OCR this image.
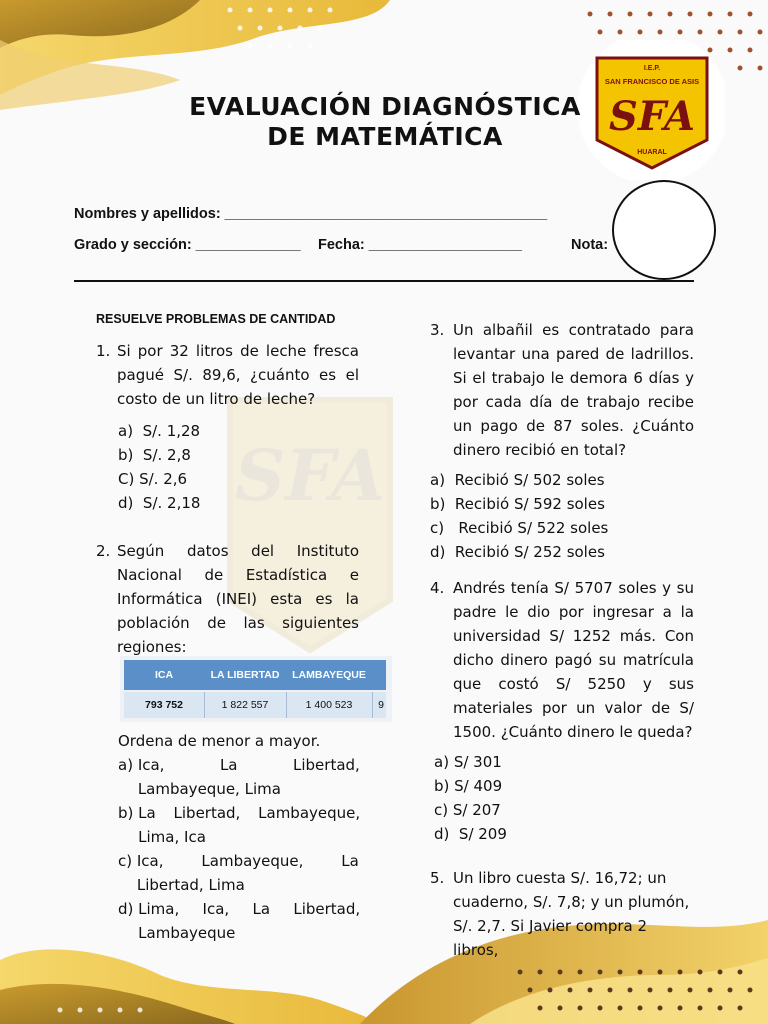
SFA
I.E.P.
SAN FRANCISCO DE ASIS
SFA
HUARAL
EVALUACIÓN DIAGNÓSTICA
DE MATEMÁTICA
Nombres y apellidos: ________________________________________
Grado y sección: _____________ Fecha: ___________________	Nota:
RESUELVE PROBLEMAS DE CANTIDAD
1. Si por 32 litros de leche fresca pagué S/. 89,6, ¿cuánto es el costo de un litro de leche?
a) S/. 1,28
b) S/. 2,8
C) S/. 2,6
d) S/. 2,18
2. Según datos del Instituto Nacional de Estadística e Informática (INEI) esta es la población de las siguientes regiones:
ICA	LA LIBERTAD	LAMBAYEQUE
793 752	1 822 557	1 400 523	9
Ordena de menor a mayor.
a) Ica, La Libertad, Lambayeque, Lima
b) La Libertad, Lambayeque, Lima, Ica
c) Ica, Lambayeque, La Libertad, Lima
d) Lima, Ica, La Libertad, Lambayeque
3. Un albañil es contratado para levantar una pared de ladrillos. Si el trabajo le demora 6 días y por cada día de trabajo recibe un pago de 87 soles. ¿Cuánto dinero recibió en total?
a) Recibió S/ 502 soles
b) Recibió S/ 592 soles
c) Recibió S/ 522 soles
d) Recibió S/ 252 soles
4. Andrés tenía S/ 5707 soles y su padre le dio por ingresar a la universidad S/ 1252 más. Con dicho dinero pagó su matrícula que costó S/ 5250 y sus materiales por un valor de S/ 1500. ¿Cuánto dinero le queda?
a) S/ 301
b) S/ 409
c) S/ 207
d) S/ 209
5. Un libro cuesta S/. 16,72; un cuaderno, S/. 7,8; y un plumón, S/. 2,7. Si Javier compra 2 libros,
